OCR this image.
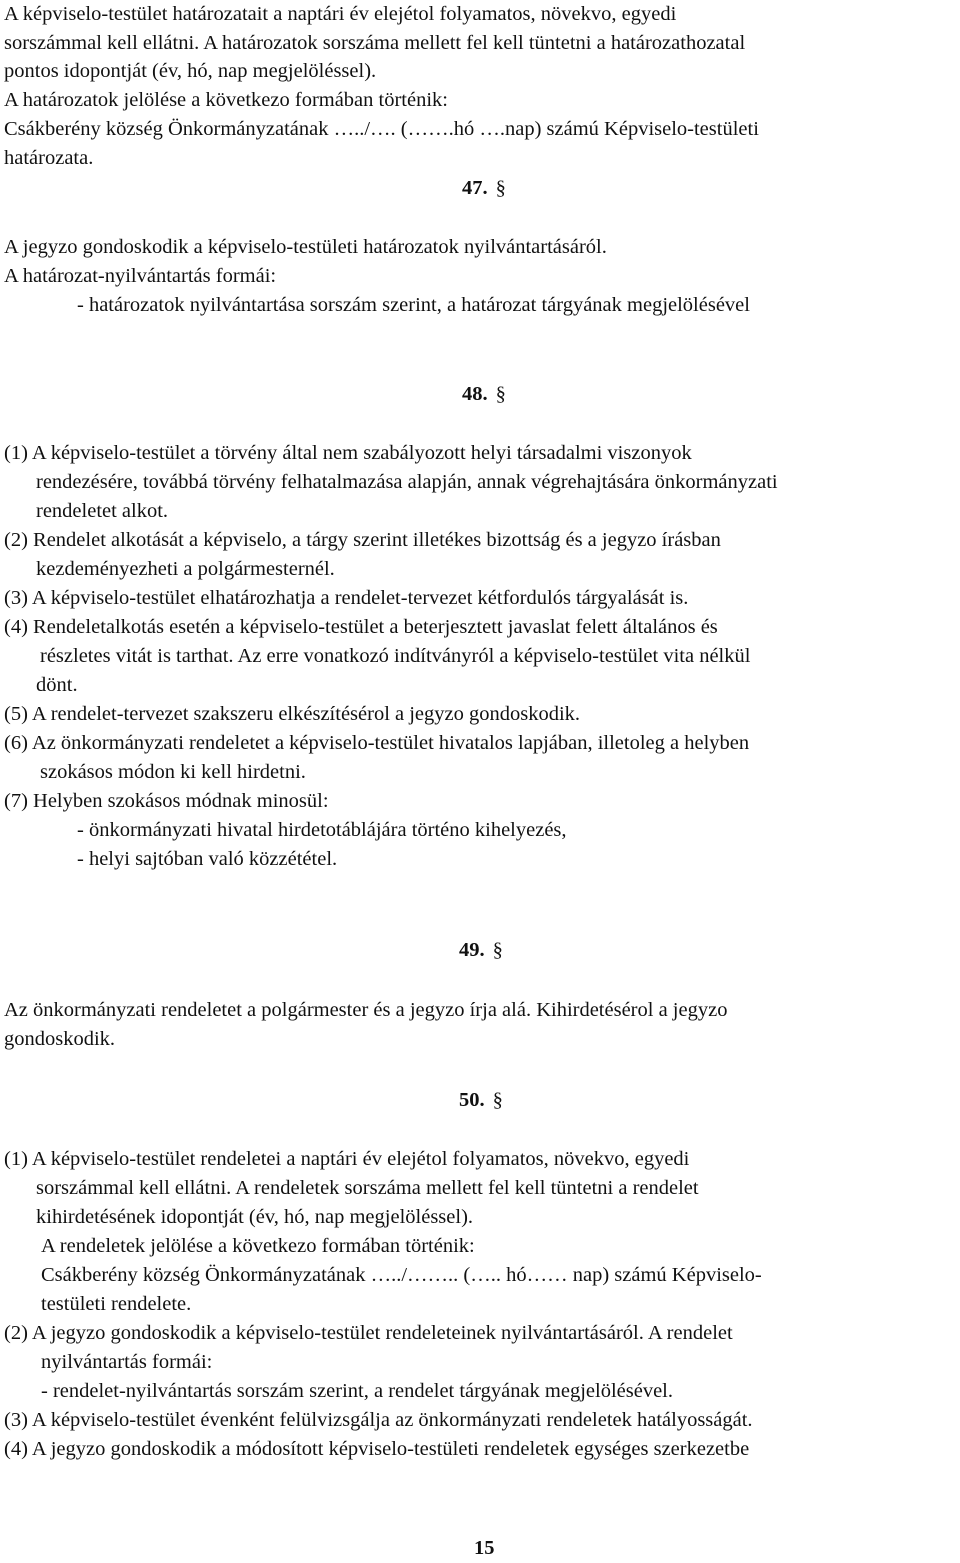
A képviselo-testület határozatait a naptári év elejétol folyamatos, növekvo, egyedi
sorszámmal kell ellátni. A határozatok sorszáma mellett fel kell tüntetni a határozathozatal
pontos idopontját (év, hó, nap megjelöléssel).
A határozatok jelölése a következo formában történik:
Csákberény község Önkormányzatának …../…. (…….hó ….nap) számú Képviselo-testületi
határozata.
47. §
A jegyzo gondoskodik a képviselo-testületi határozatok nyilvántartásáról.
A határozat-nyilvántartás formái:
- határozatok nyilvántartása sorszám szerint, a határozat tárgyának megjelölésével
48. §
(1) A képviselo-testület a törvény által nem szabályozott helyi társadalmi viszonyok
rendezésére, továbbá törvény felhatalmazása alapján, annak végrehajtására önkormányzati
rendeletet alkot.
(2) Rendelet alkotását a képviselo, a tárgy szerint illetékes bizottság és a jegyzo írásban
kezdeményezheti a polgármesternél.
(3) A képviselo-testület elhatározhatja a rendelet-tervezet kétfordulós tárgyalását is.
(4) Rendeletalkotás esetén a képviselo-testület a beterjesztett javaslat felett általános és
részletes vitát is tarthat. Az erre vonatkozó indítványról a képviselo-testület vita nélkül
dönt.
(5) A rendelet-tervezet szakszeru elkészítésérol a jegyzo gondoskodik.
(6) Az önkormányzati rendeletet a képviselo-testület hivatalos lapjában, illetoleg a helyben
szokásos módon ki kell hirdetni.
(7) Helyben szokásos módnak minosül:
- önkormányzati hivatal hirdetotáblájára történo kihelyezés,
- helyi sajtóban való közzététel.
49. §
Az önkormányzati rendeletet a polgármester és a jegyzo írja alá. Kihirdetésérol a jegyzo
gondoskodik.
50. §
(1) A képviselo-testület rendeletei a naptári év elejétol folyamatos, növekvo, egyedi
sorszámmal kell ellátni. A rendeletek sorszáma mellett fel kell tüntetni a rendelet
kihirdetésének idopontját (év, hó, nap megjelöléssel).
A rendeletek jelölése a következo formában történik:
Csákberény község Önkormányzatának …../…….. (….. hó…… nap) számú Képviselo-
testületi rendelete.
(2) A jegyzo gondoskodik a képviselo-testület rendeleteinek nyilvántartásáról. A rendelet
nyilvántartás formái:
- rendelet-nyilvántartás sorszám szerint, a rendelet tárgyának megjelölésével.
(3) A képviselo-testület évenként felülvizsgálja az önkormányzati rendeletek hatályosságát.
(4) A jegyzo gondoskodik a módosított képviselo-testületi rendeletek egységes szerkezetbe
15
